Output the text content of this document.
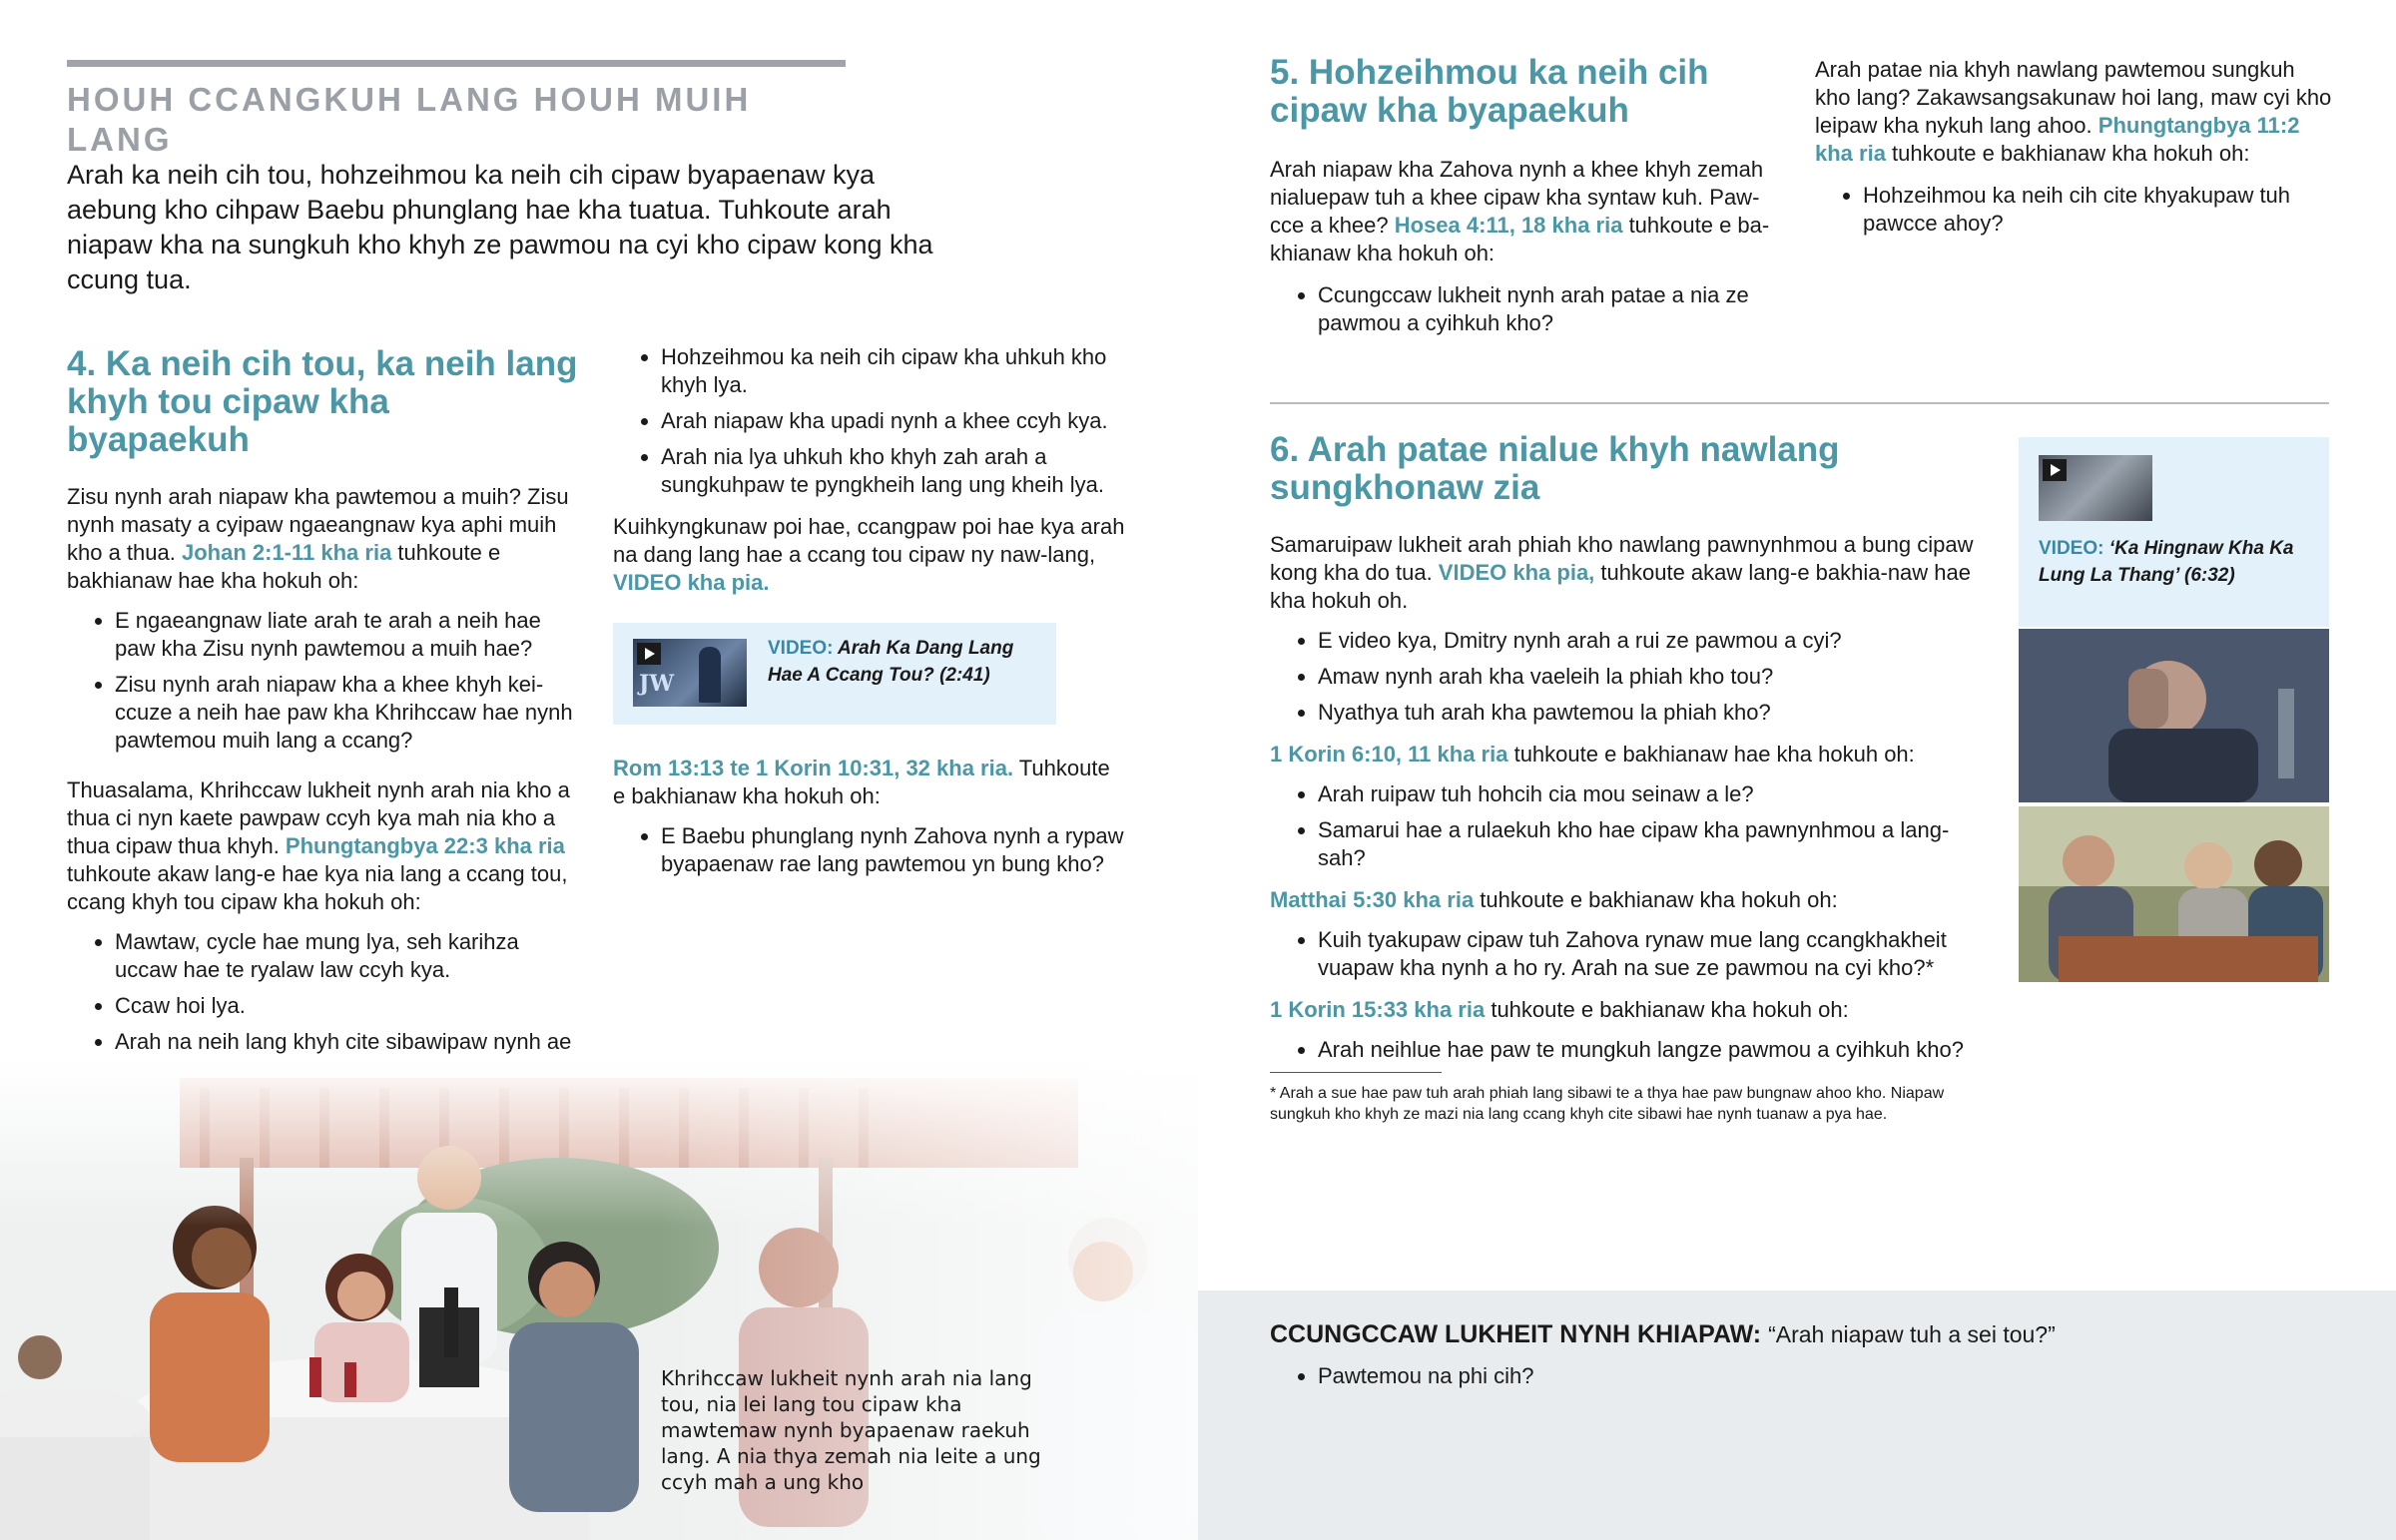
HOUH CCANGKUH LANG HOUH MUIH LANG

Arah ka neih cih tou, hohzeihmou ka neih cih cipaw byapaenaw kya aebung kho cihpaw Baebu phunglang hae kha tuatua. Tuhkoute arah niapaw kha na sungkuh kho khyh ze pawmou na cyi kho cipaw kong kha ccung tua.

4. Ka neih cih tou, ka neih lang khyh tou cipaw kha byapaekuh

Zisu nynh arah niapaw kha pawtemou a muih? Zisu nynh masaty a cyipaw ngaeangnaw kya aphi muih kho a thua. Johan 2:1-11 kha ria tuhkoute e bakhianaw hae kha hokuh oh:

• E ngaeangnaw liate arah te arah a neih hae paw kha Zisu nynh pawtemou a muih hae?
• Zisu nynh arah niapaw kha a khee khyh kei-ccuze a neih hae paw kha Khrihccaw hae nynh pawtemou muih lang a ccang?

Thuasalama, Khrihccaw lukheit nynh arah nia kho a thua ci nyn kaete pawpaw ccyh kya mah nia kho a thua cipaw thua khyh. Phungtangbya 22:3 kha ria tuhkoute akaw lang-e hae kya nia lang a ccang tou, ccang khyh tou cipaw kha hokuh oh:

• Mawtaw, cycle hae mung lya, seh karihza uccaw hae te ryalaw law ccyh kya.
• Ccaw hoi lya.
• Arah na neih lang khyh cite sibawipaw nynh ae
• Hohzeihmou ka neih cih cipaw kha uhkuh kho khyh lya.
• Arah niapaw kha upadi nynh a khee ccyh kya.
• Arah nia lya uhkuh kho khyh zah arah a sungkuhpaw te pyngkheih lang ung kheih lya.

Kuihkyngkunaw poi hae, ccangpaw poi hae kya arah na dang lang hae a ccang tou cipaw ny naw-lang, VIDEO kha pia.

JW
VIDEO: Arah Ka Dang Lang Hae A Ccang Tou? (2:41)

Rom 13:13 te 1 Korin 10:31, 32 kha ria. Tuhkoute e bakhianaw kha hokuh oh:

• E Baebu phunglang nynh Zahova nynh a rypaw byapaenaw rae lang pawtemou yn bung kho?

Khrihccaw lukheit nynh arah nia lang tou, nia lei lang tou cipaw kha mawtemaw nynh byapaenaw raekuh lang. A nia thya zemah nia leite a ung ccyh mah a ung kho

5. Hohzeihmou ka neih cih cipaw kha byapaekuh

Arah niapaw kha Zahova nynh a khee khyh zemah nialuepaw tuh a khee cipaw kha syntaw kuh. Paw-cce a khee? Hosea 4:11, 18 kha ria tuhkoute e ba-khianaw kha hokuh oh:

• Ccungccaw lukheit nynh arah patae a nia ze pawmou a cyihkuh kho?

Arah patae nia khyh nawlang pawtemou sungkuh kho lang? Zakawsangsakunaw hoi lang, maw cyi kho leipaw kha nykuh lang ahoo. Phungtangbya 11:2 kha ria tuhkoute e bakhianaw kha hokuh oh:

• Hohzeihmou ka neih cih cite khyakupaw tuh pawcce ahoy?
6. Arah patae nialue khyh nawlang sungkhonaw zia

Samaruipaw lukheit arah phiah kho nawlang pawnynhmou a bung cipaw kong kha do tua. VIDEO kha pia, tuhkoute akaw lang-e bakhia-naw hae kha hokuh oh.

• E video kya, Dmitry nynh arah a rui ze pawmou a cyi?
• Amaw nynh arah kha vaeleih la phiah kho tou?
• Nyathya tuh arah kha pawtemou la phiah kho?

1 Korin 6:10, 11 kha ria tuhkoute e bakhianaw hae kha hokuh oh:

• Arah ruipaw tuh hohcih cia mou seinaw a le?
• Samarui hae a rulaekuh kho hae cipaw kha pawnynhmou a lang-sah?

Matthai 5:30 kha ria tuhkoute e bakhianaw kha hokuh oh:

• Kuih tyakupaw cipaw tuh Zahova rynaw mue lang ccangkhakheit vuapaw kha nynh a ho ry. Arah na sue ze pawmou na cyi kho?*

1 Korin 15:33 kha ria tuhkoute e bakhianaw kha hokuh oh:

• Arah neihlue hae paw te mungkuh langze pawmou a cyihkuh kho?

* Arah a sue hae paw tuh arah phiah lang sibawi te a thya hae paw bungnaw ahoo kho. Niapaw sungkuh kho khyh ze mazi nia lang ccang khyh cite sibawi hae nynh tuanaw a pya hae.

VIDEO: ‘Ka Hingnaw Kha Ka Lung La Thang’ (6:32)

CCUNGCCAW LUKHEIT NYNH KHIAPAW: “Arah niapaw tuh a sei tou?”

• Pawtemou na phi cih?
